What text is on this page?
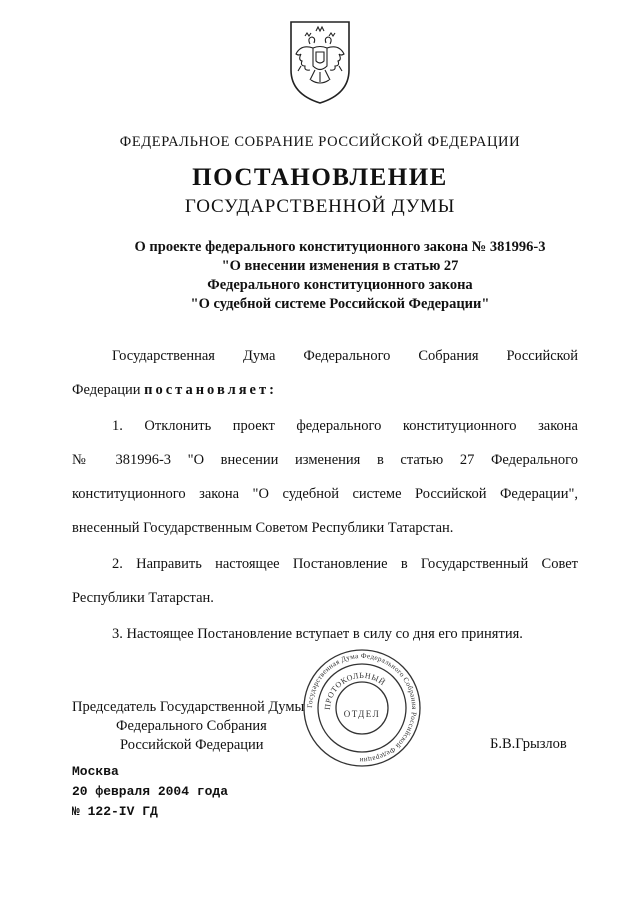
ФЕДЕРАЛЬНОЕ СОБРАНИЕ РОССИЙСКОЙ ФЕДЕРАЦИИ
ПОСТАНОВЛЕНИЕ
ГОСУДАРСТВЕННОЙ ДУМЫ
О проекте федерального конституционного закона № 381996-3
"О внесении изменения в статью 27
Федерального конституционного закона
"О судебной системе Российской Федерации"
Государственная Дума Федерального Собрания Российской
Федерации постановляет:
1. Отклонить проект федерального конституционного закона
№ 381996-3 "О внесении изменения в статью 27 Федерального
конституционного закона "О судебной системе Российской Федерации",
внесенный Государственным Советом Республики Татарстан.
2. Направить настоящее Постановление в Государственный Совет
Республики Татарстан.
3. Настоящее Постановление вступает в силу со дня его принятия.
Председатель Государственной Думы
Федерального Собрания
Российской Федерации	Б.В.Грызлов
Государственная Дума Федерального Собрания Российской Федерации
ПРОТОКОЛЬНЫЙ
ОТДЕЛ
Москва
20 февраля 2004 года
№ 122-IV ГД
